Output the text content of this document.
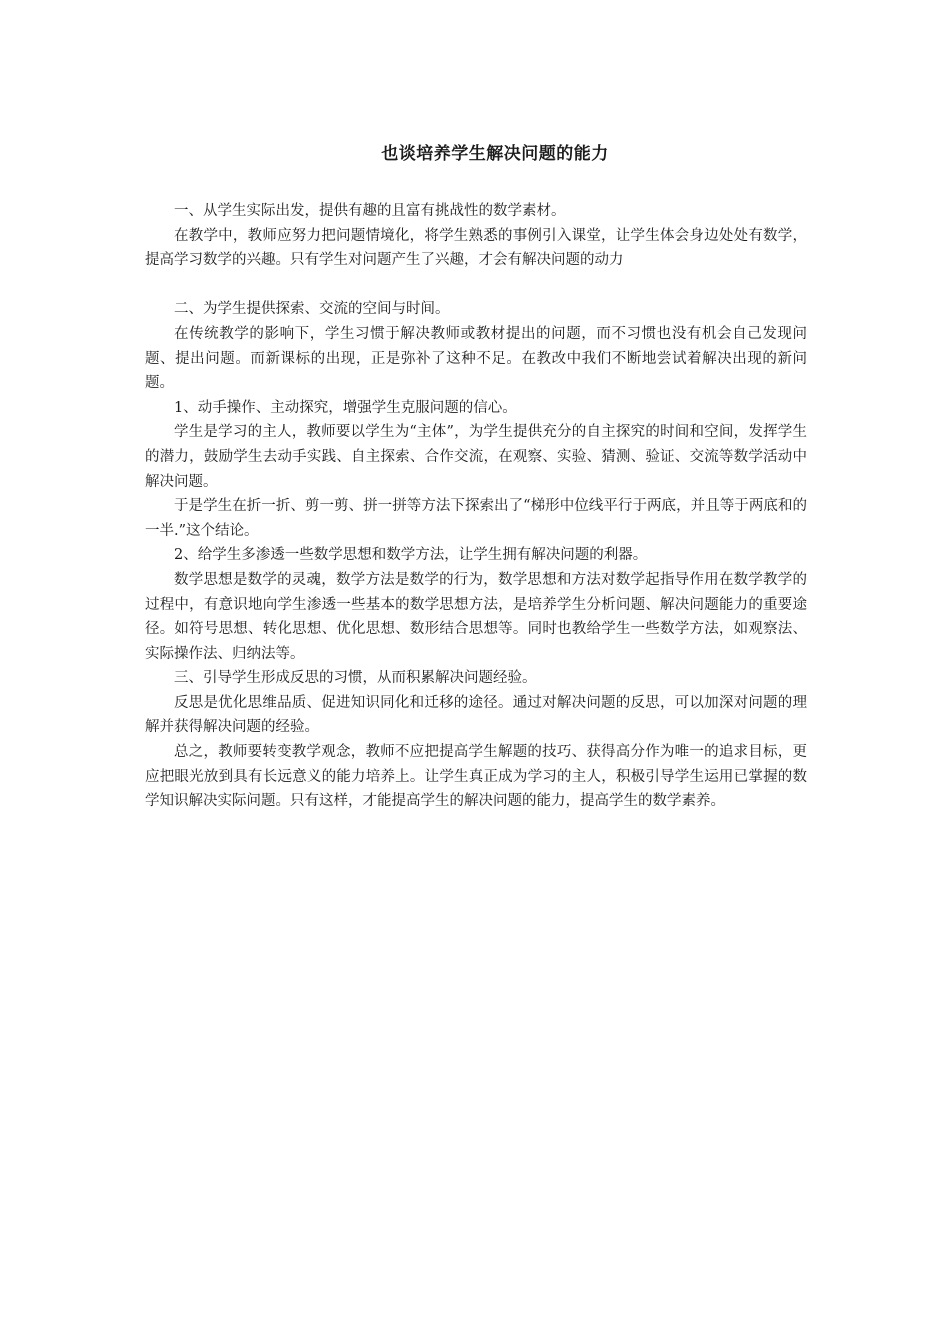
也谈培养学生解决问题的能力

一、从学生实际出发，提供有趣的且富有挑战性的数学素材。

在教学中，教师应努力把问题情境化，将学生熟悉的事例引入课堂，让学生体会身边处处有数学，提高学习数学的兴趣。只有学生对问题产生了兴趣，才会有解决问题的动力

二、为学生提供探索、交流的空间与时间。

在传统教学的影响下，学生习惯于解决教师或教材提出的问题，而不习惯也没有机会自己发现问题、提出问题。而新课标的出现，正是弥补了这种不足。在教改中我们不断地尝试着解决出现的新问题。

1、动手操作、主动探究，增强学生克服问题的信心。

学生是学习的主人，教师要以学生为“主体”，为学生提供充分的自主探究的时间和空间，发挥学生的潜力，鼓励学生去动手实践、自主探索、合作交流，在观察、实验、猜测、验证、交流等数学活动中解决问题。

于是学生在折一折、剪一剪、拼一拼等方法下探索出了“梯形中位线平行于两底，并且等于两底和的一半.”这个结论。

2、给学生多渗透一些数学思想和数学方法，让学生拥有解决问题的利器。

数学思想是数学的灵魂，数学方法是数学的行为，数学思想和方法对数学起指导作用在数学教学的过程中，有意识地向学生渗透一些基本的数学思想方法，是培养学生分析问题、解决问题能力的重要途径。如符号思想、转化思想、优化思想、数形结合思想等。同时也教给学生一些数学方法，如观察法、实际操作法、归纳法等。

三、引导学生形成反思的习惯，从而积累解决问题经验。

反思是优化思维品质、促进知识同化和迁移的途径。通过对解决问题的反思，可以加深对问题的理解并获得解决问题的经验。

总之，教师要转变教学观念，教师不应把提高学生解题的技巧、获得高分作为唯一的追求目标，更应把眼光放到具有长远意义的能力培养上。让学生真正成为学习的主人，积极引导学生运用已掌握的数学知识解决实际问题。只有这样，才能提高学生的解决问题的能力，提高学生的数学素养。
